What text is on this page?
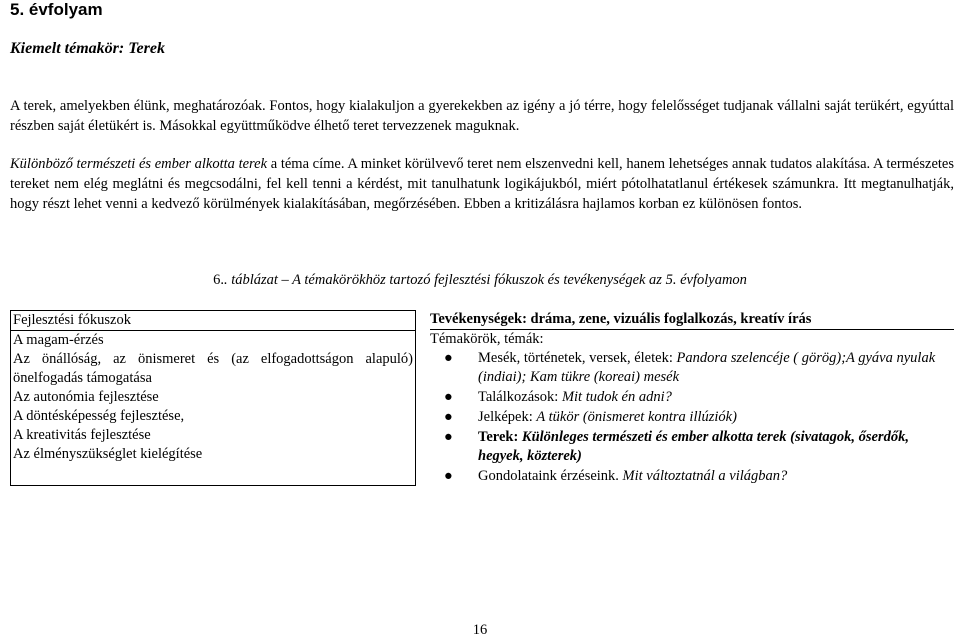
5. évfolyam
Kiemelt témakör: Terek
A terek, amelyekben élünk, meghatározóak. Fontos, hogy kialakuljon a gyerekekben az igény a jó térre, hogy felelősséget tudjanak vállalni saját terükért, egyúttal részben saját életükért is. Másokkal együttműködve élhető teret tervezzenek maguknak.
Különböző természeti és ember alkotta terek a téma címe. A minket körülvevő teret nem elszenvedni kell, hanem lehetséges annak tudatos alakítása. A természetes tereket nem elég meglátni és megcsodálni, fel kell tenni a kérdést, mit tanulhatunk logikájukból, miért pótolhatatlanul értékesek számunkra. Itt megtanulhatják, hogy részt lehet venni a kedvező körülmények kialakításában, megőrzésében. Ebben a kritizálásra hajlamos korban ez különösen fontos.
6.. táblázat – A témakörökhöz tartozó fejlesztési fókuszok és tevékenységek az 5. évfolyamon
Fejlesztési fókuszok
A magam-érzés
Az önállóság, az önismeret és (az elfogadottságon alapuló)
önelfogadás támogatása
Az autonómia fejlesztése
A döntésképesség fejlesztése,
A kreativitás fejlesztése
Az élményszükséglet kielégítése
Tevékenységek: dráma, zene, vizuális foglalkozás, kreatív írás
Témakörök, témák:
● Mesék, történetek, versek, életek: Pandora szelencéje ( görög);A gyáva nyulak (indiai); Kam tükre (koreai) mesék
● Találkozások: Mit tudok én adni?
● Jelképek: A tükör (önismeret kontra illúziók)
● Terek: Különleges természeti és ember alkotta terek (sivatagok, őserdők, hegyek, közterek)
● Gondolataink érzéseink. Mit változtatnál a világban?
16
